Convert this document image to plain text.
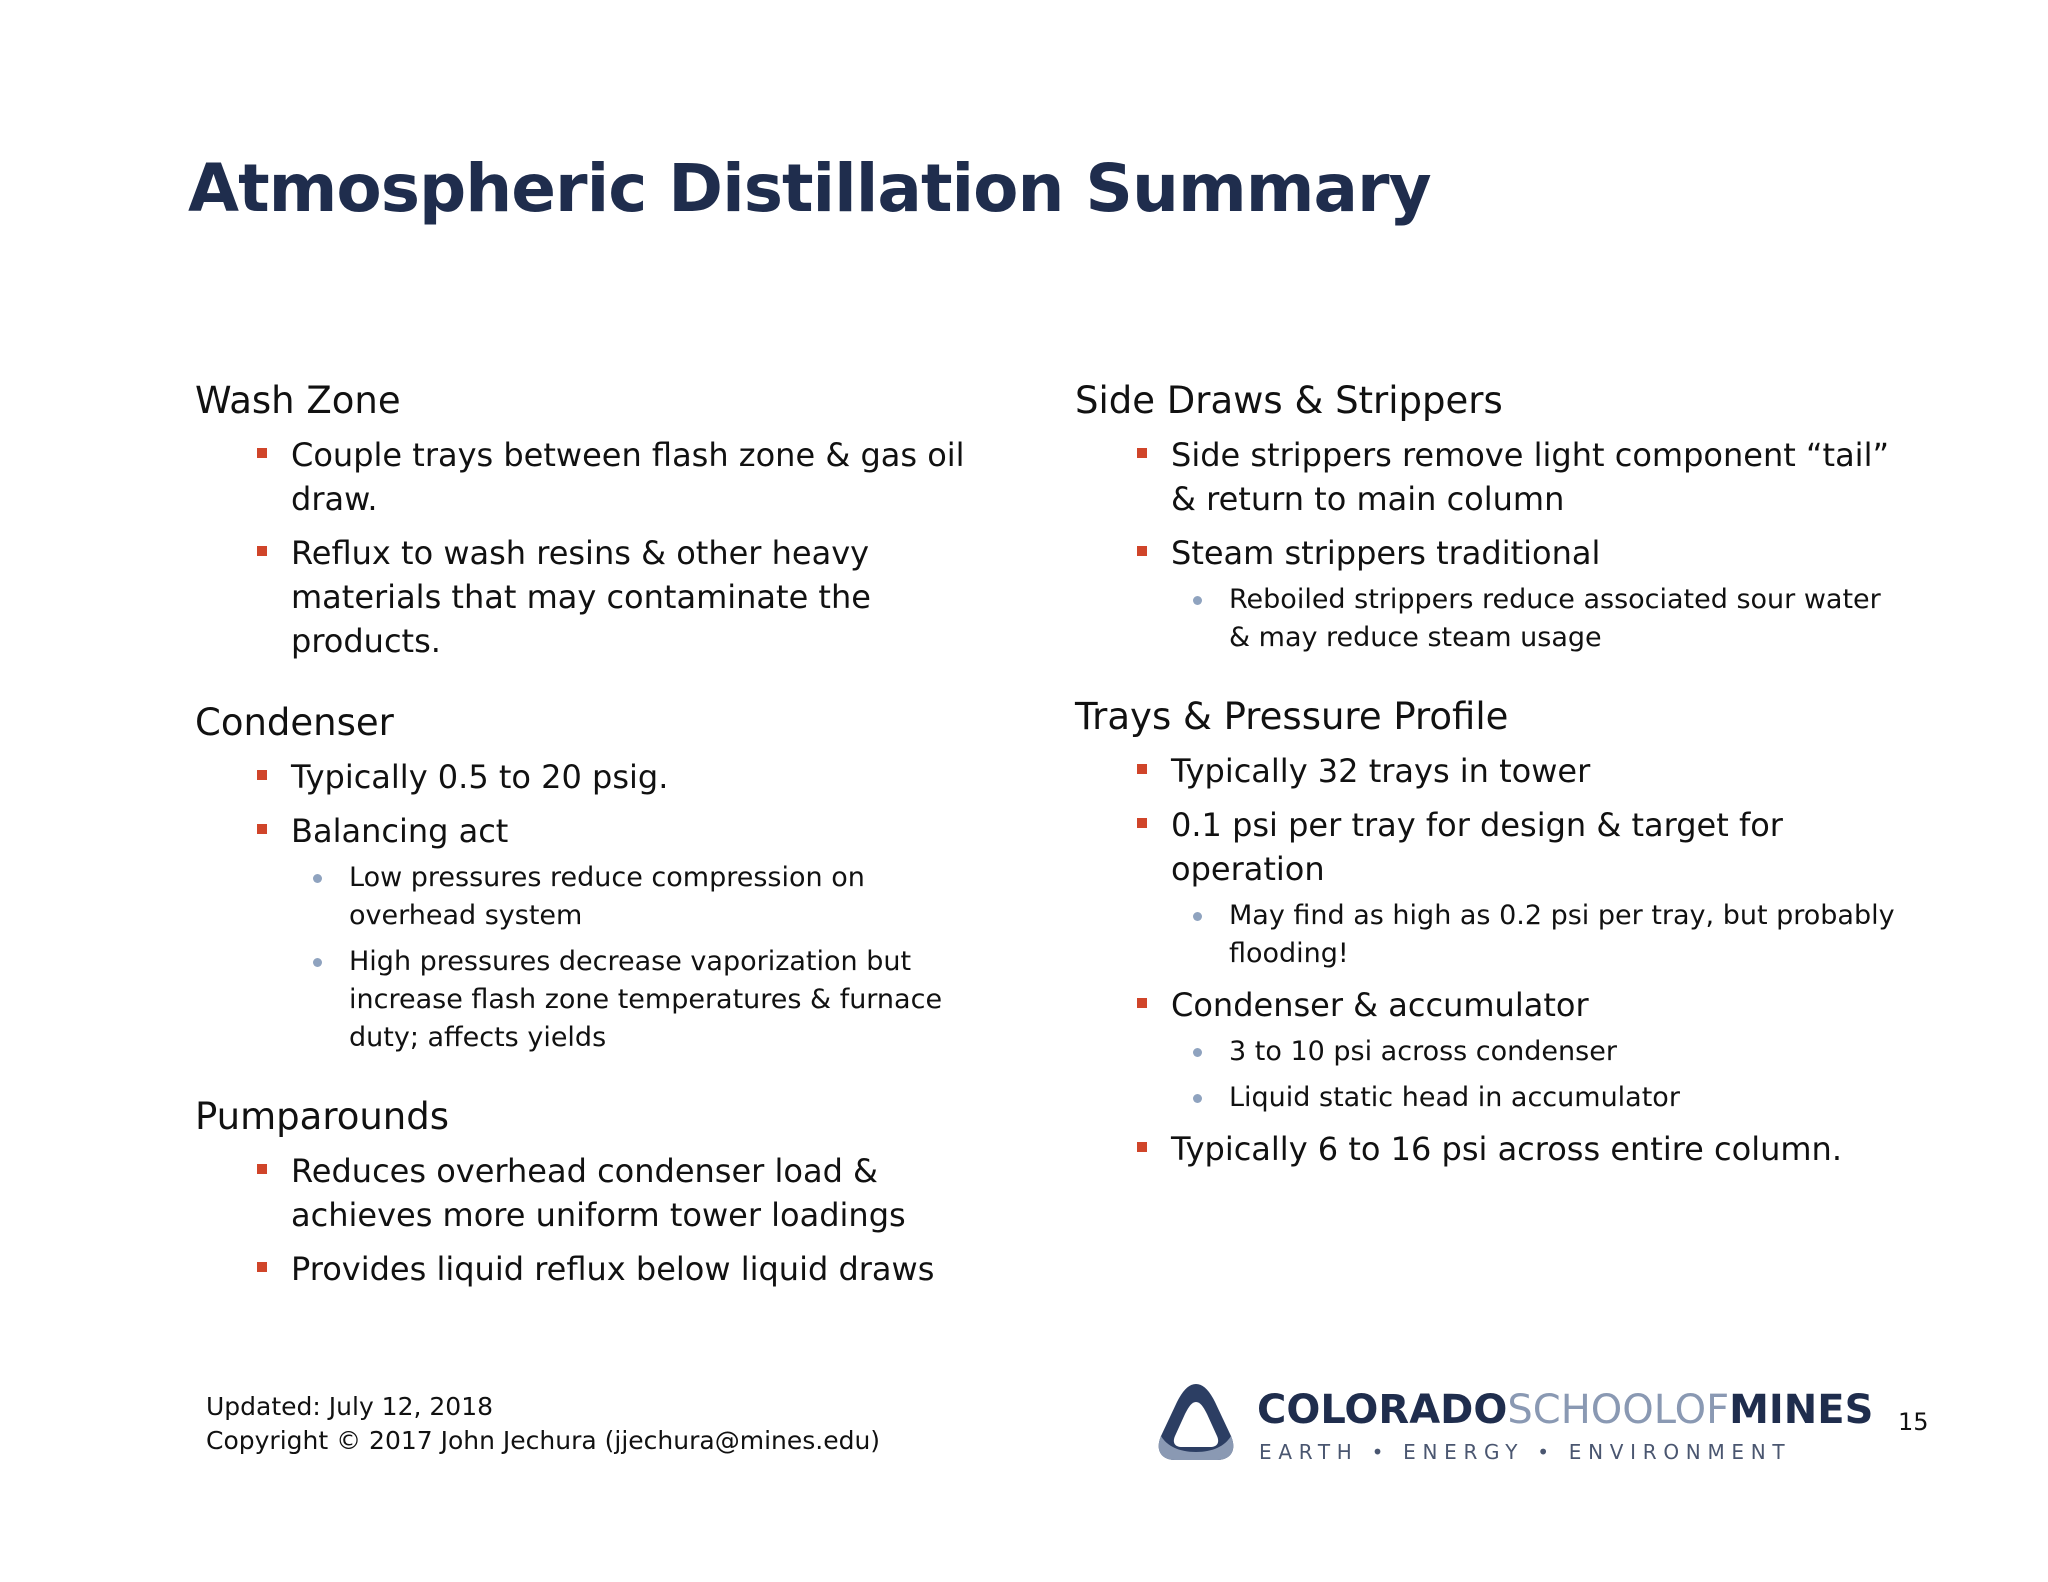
Atmospheric Distillation Summary
Wash Zone
Couple trays between flash zone & gas oil draw.
Reflux to wash resins & other heavy materials that may contaminate the products.
Condenser
Typically 0.5 to 20 psig.
Balancing act
Low pressures reduce compression on overhead system
High pressures decrease vaporization but increase flash zone temperatures & furnace duty; affects yields
Pumparounds
Reduces overhead condenser load & achieves more uniform tower loadings
Provides liquid reflux below liquid draws
Side Draws & Strippers
Side strippers remove light component “tail” & return to main column
Steam strippers traditional
Reboiled strippers reduce associated sour water & may reduce steam usage
Trays & Pressure Profile
Typically 32 trays in tower
0.1 psi per tray for design & target for operation
May find as high as 0.2 psi per tray, but probably flooding!
Condenser & accumulator
3 to 10 psi across condenser
Liquid static head in accumulator
Typically 6 to 16 psi across entire column.
Updated: July 12, 2018
Copyright © 2017 John Jechura (jjechura@mines.edu)
COLORADOSCHOOLOFMINES
EARTH • ENERGY • ENVIRONMENT
15
